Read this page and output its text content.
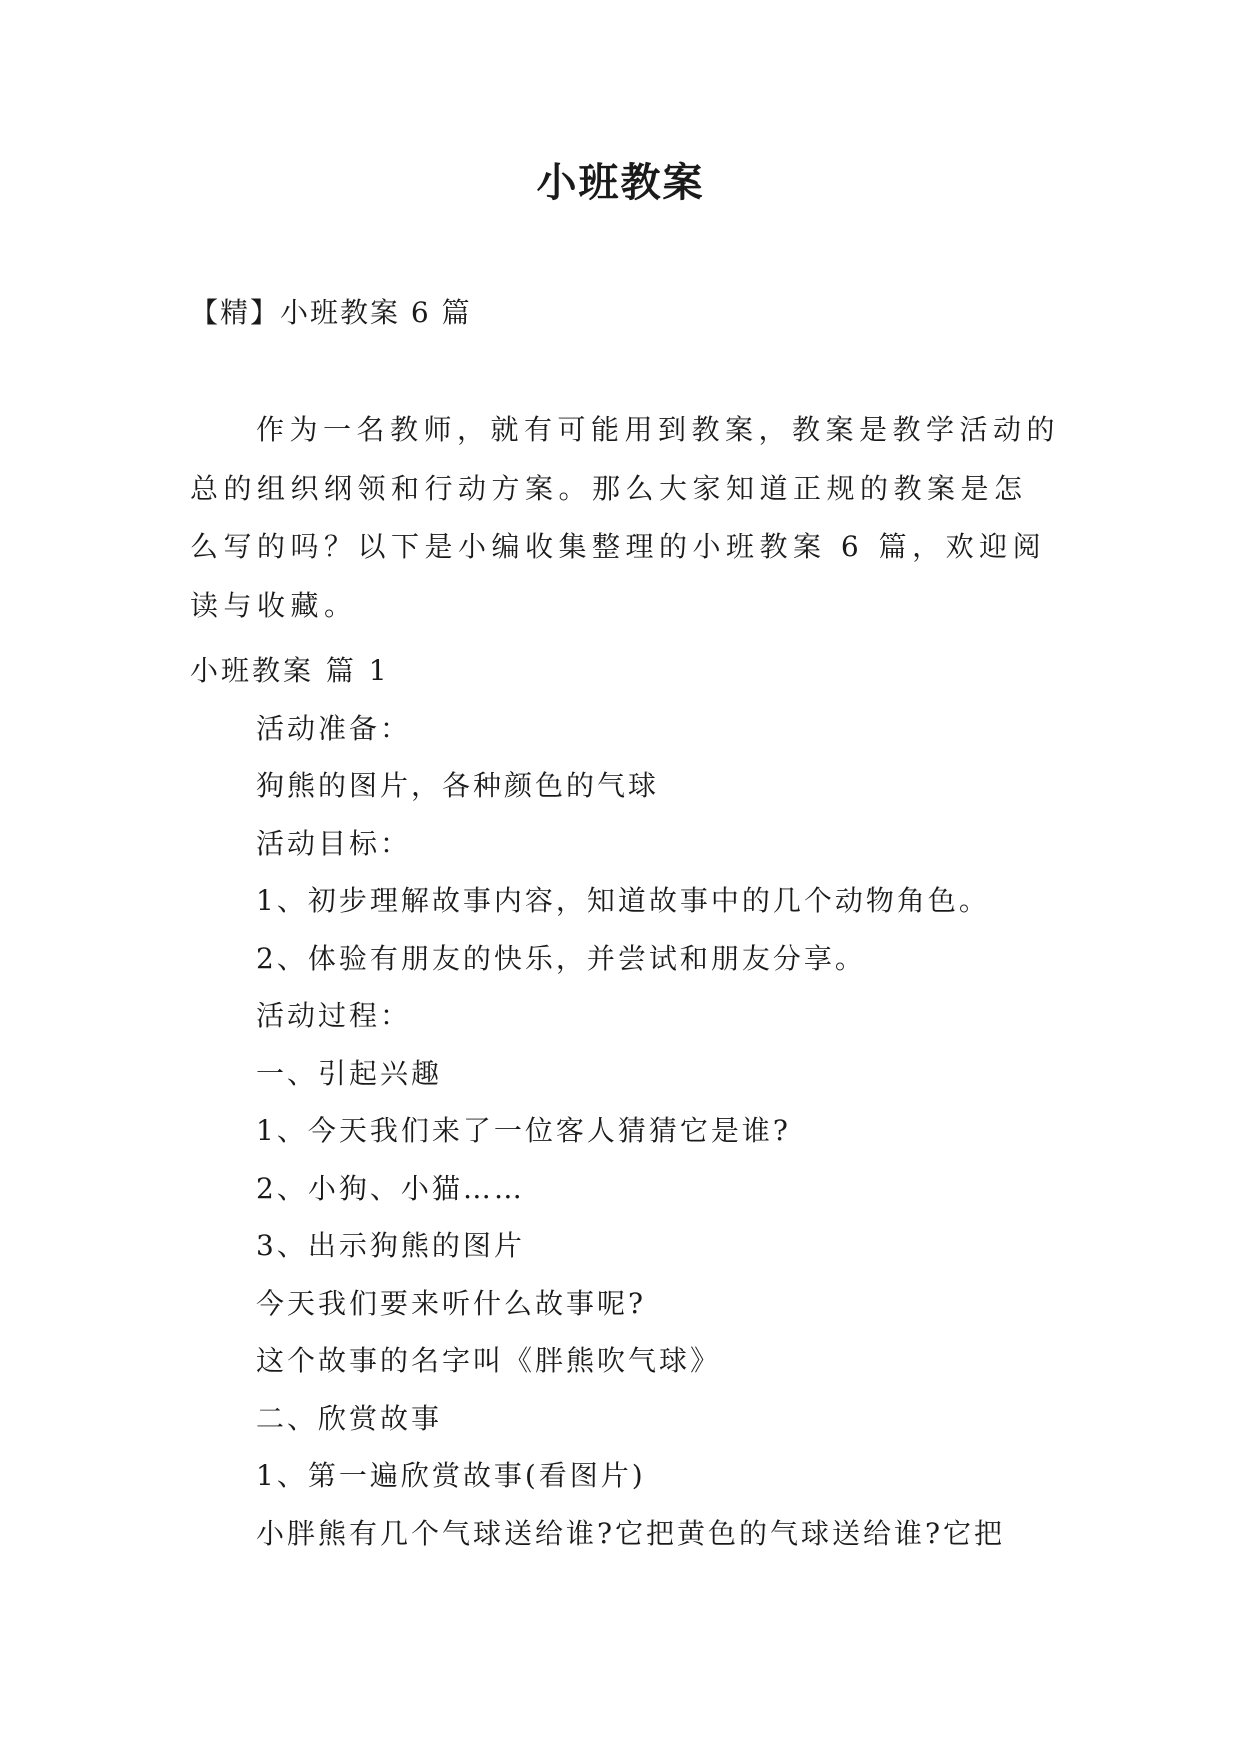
小班教案
【精】小班教案 6 篇

作为一名教师，就有可能用到教案，教案是教学活动的总的组织纲领和行动方案。那么大家知道正规的教案是怎么写的吗？以下是小编收集整理的小班教案 6 篇，欢迎阅读与收藏。

小班教案 篇 1
活动准备：
狗熊的图片，各种颜色的气球
活动目标：
1、初步理解故事内容，知道故事中的几个动物角色。
2、体验有朋友的快乐，并尝试和朋友分享。
活动过程：
一、引起兴趣
1、今天我们来了一位客人猜猜它是谁?
2、小狗、小猫……
3、出示狗熊的图片
今天我们要来听什么故事呢?
这个故事的名字叫《胖熊吹气球》
二、欣赏故事
1、第一遍欣赏故事(看图片)
小胖熊有几个气球送给谁?它把黄色的气球送给谁?它把
